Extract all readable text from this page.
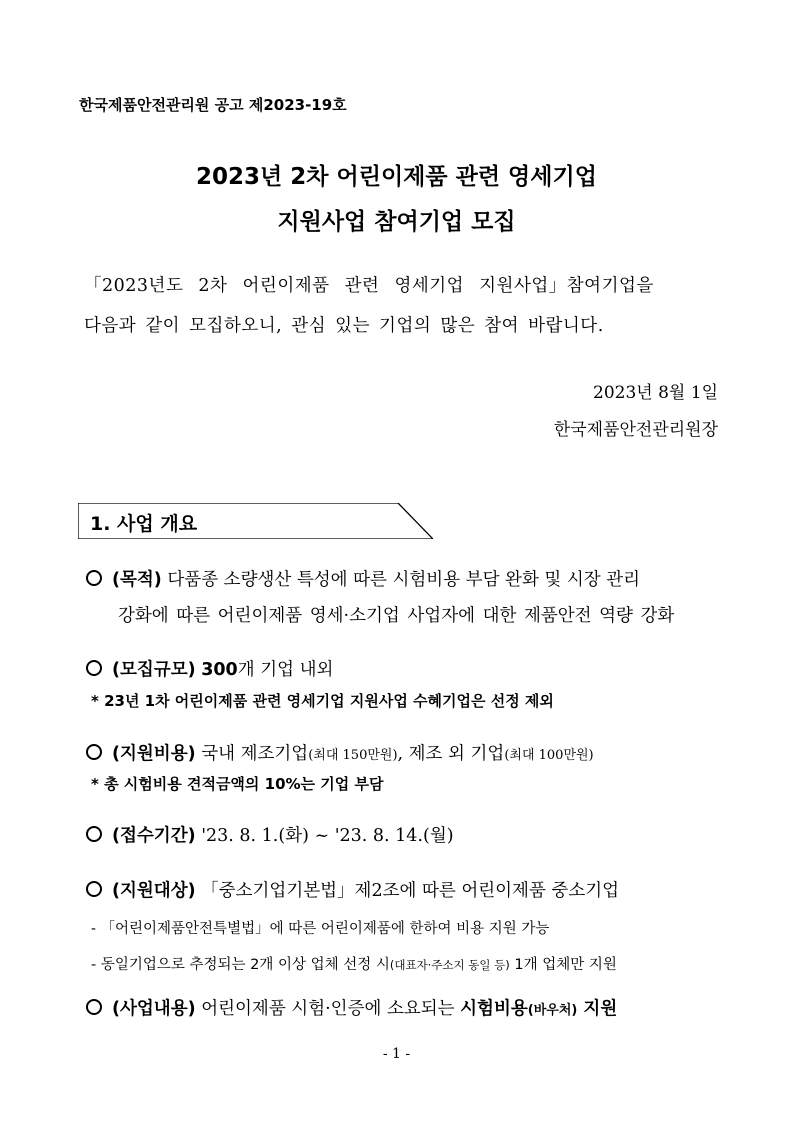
한국제품안전관리원 공고 제2023-19호
2023년 2차 어린이제품 관련 영세기업
지원사업 참여기업 모집
「2023년도 2차 어린이제품 관련 영세기업 지원사업」참여기업을
다음과 같이 모집하오니, 관심 있는 기업의 많은 참여 바랍니다.
2023년 8월 1일
한국제품안전관리원장
1. 사업 개요
(목적) 다품종 소량생산 특성에 따른 시험비용 부담 완화 및 시장 관리
강화에 따른 어린이제품 영세·소기업 사업자에 대한 제품안전 역량 강화
(모집규모) 300개 기업 내외
* 23년 1차 어린이제품 관련 영세기업 지원사업 수혜기업은 선정 제외
(지원비용) 국내 제조기업(최대 150만원), 제조 외 기업(최대 100만원)
* 총 시험비용 견적금액의 10%는 기업 부담
(접수기간) '23. 8. 1.(화) ~ '23. 8. 14.(월)
(지원대상) 「중소기업기본법」제2조에 따른 어린이제품 중소기업
- 「어린이제품안전특별법」에 따른 어린이제품에 한하여 비용 지원 가능
- 동일기업으로 추정되는 2개 이상 업체 선정 시(대표자·주소지 동일 등) 1개 업체만 지원
(사업내용) 어린이제품 시험·인증에 소요되는 시험비용(바우처) 지원
- 1 -
